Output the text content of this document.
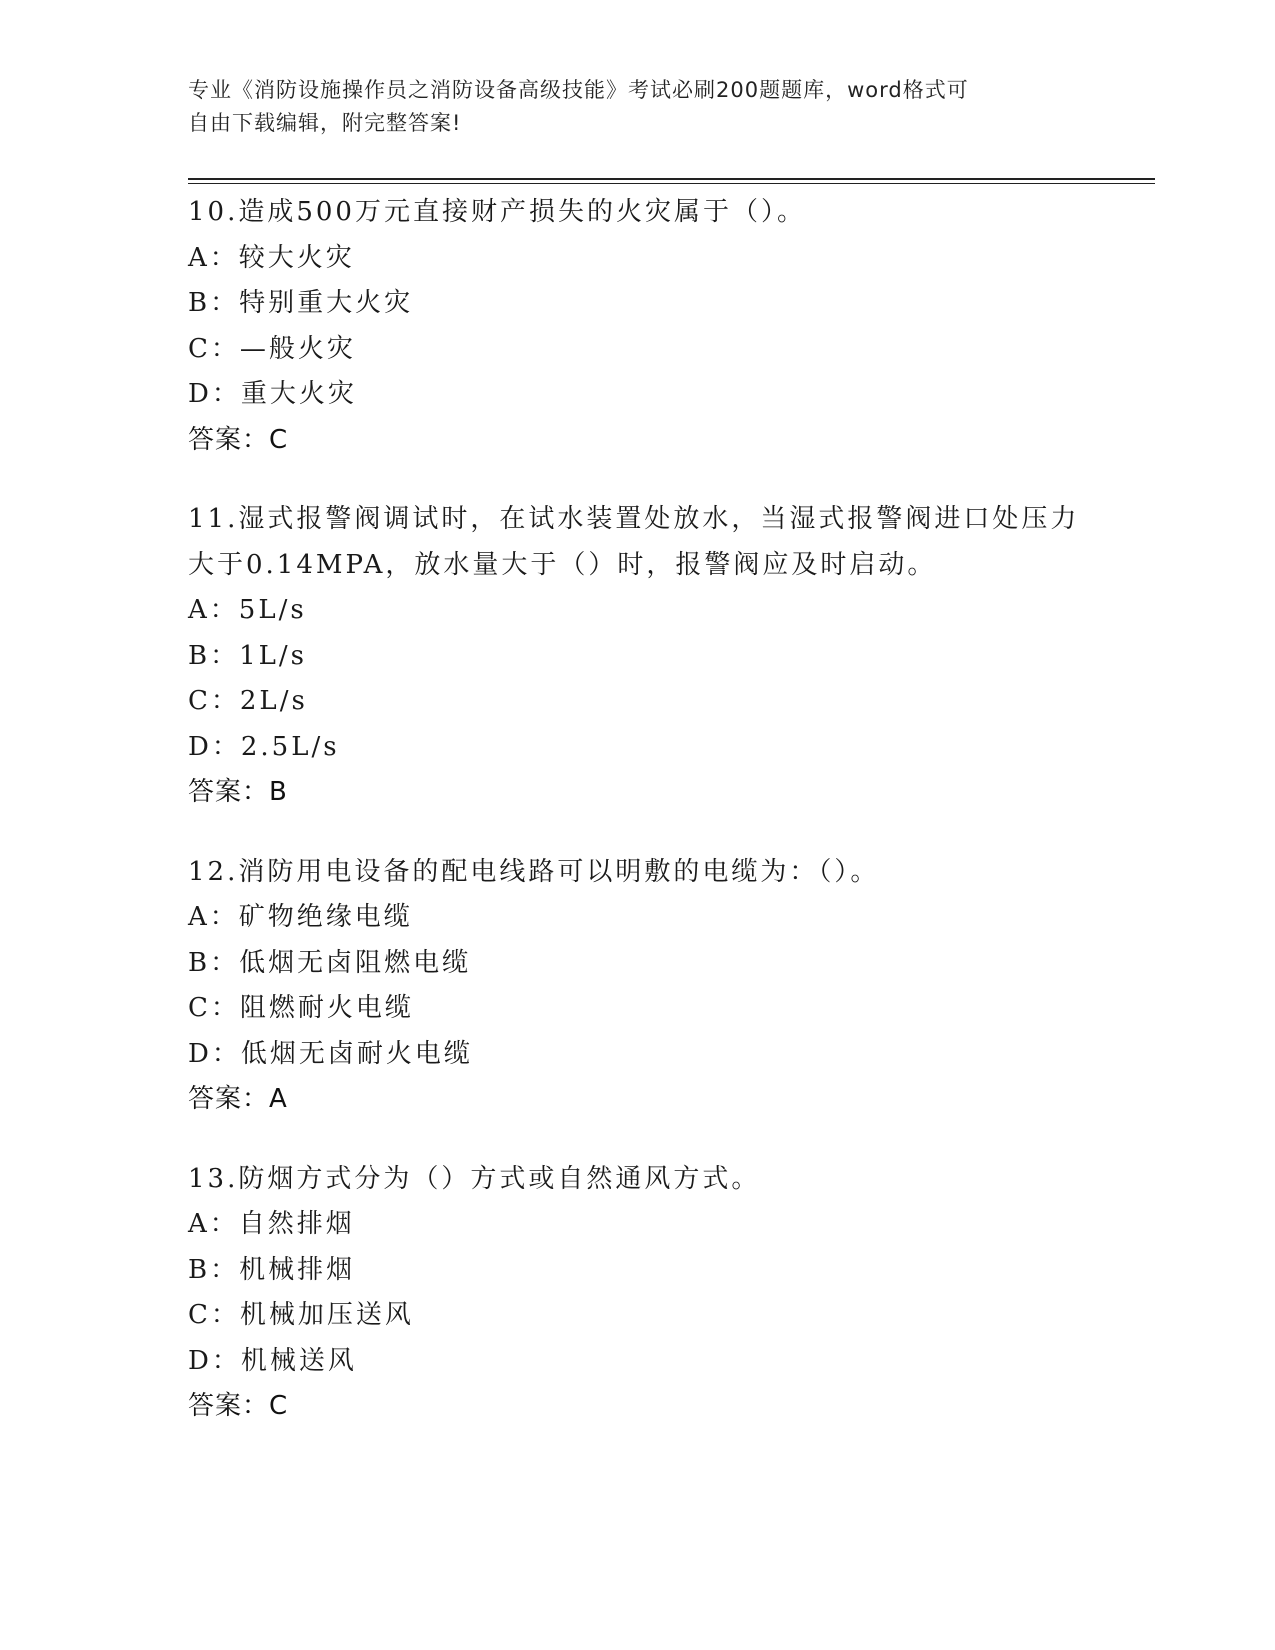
专业《消防设施操作员之消防设备高级技能》考试必刷200题题库，word格式可
自由下载编辑，附完整答案!
10.造成500万元直接财产损失的火灾属于（）。
A：较大火灾
B：特别重大火灾
C：—般火灾
D：重大火灾
答案：C
11.湿式报警阀调试时，在试水装置处放水，当湿式报警阀进口处压力
大于0.14MPA，放水量大于（）时，报警阀应及时启动。
A：5L/s
B：1L/s
C：2L/s
D：2.5L/s
答案：B
12.消防用电设备的配电线路可以明敷的电缆为：（）。
A：矿物绝缘电缆
B：低烟无卤阻燃电缆
C：阻燃耐火电缆
D：低烟无卤耐火电缆
答案：A
13.防烟方式分为（）方式或自然通风方式。
A：自然排烟
B：机械排烟
C：机械加压送风
D：机械送风
答案：C
